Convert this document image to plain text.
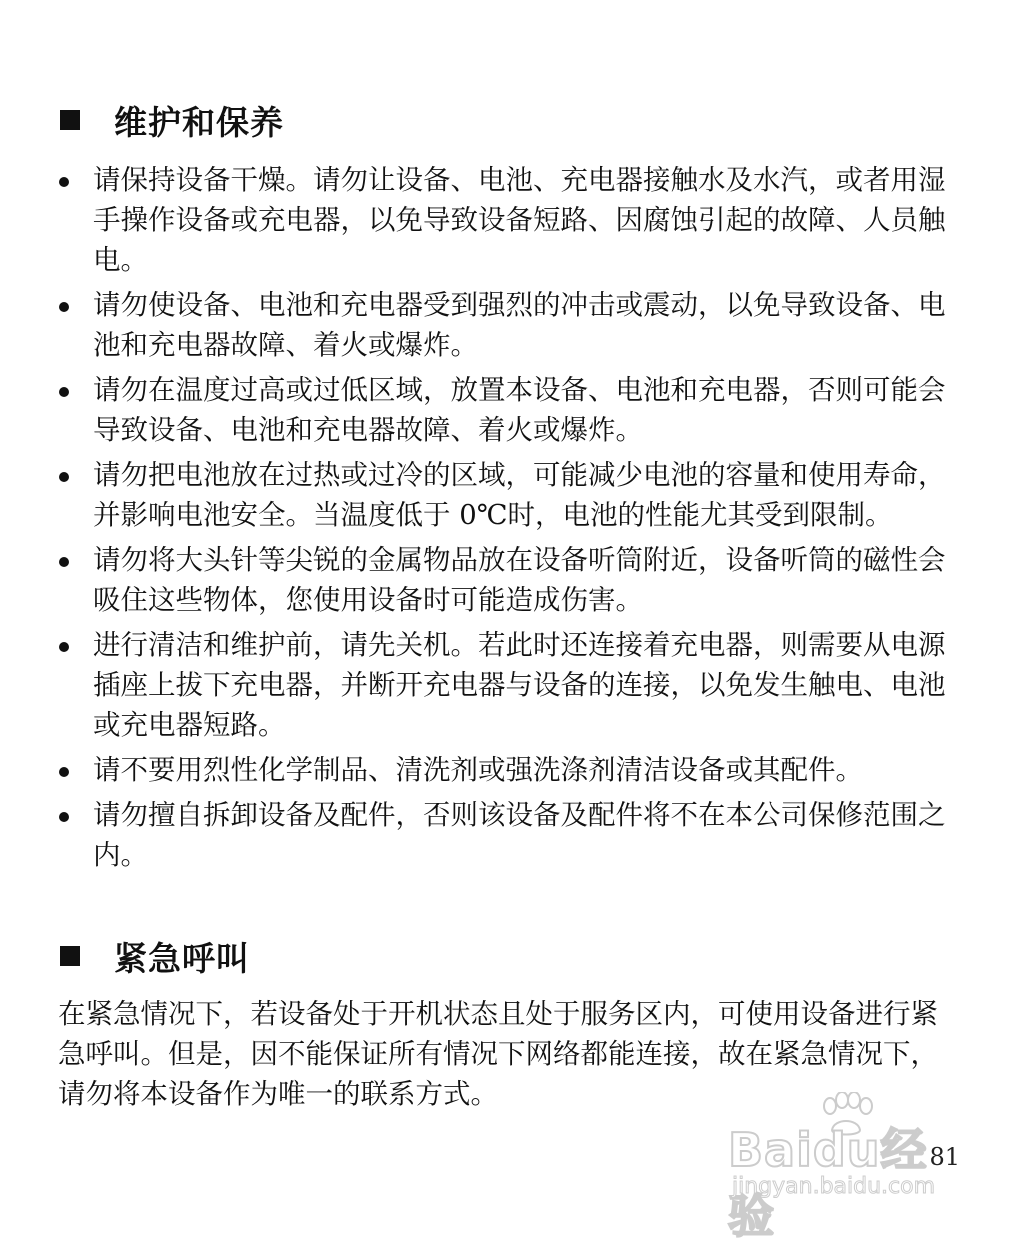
维护和保养
请保持设备干燥。请勿让设备、电池、充电器接触水及水汽，或者用湿手操作设备或充电器，以免导致设备短路、因腐蚀引起的故障、人员触电。
请勿使设备、电池和充电器受到强烈的冲击或震动，以免导致设备、电池和充电器故障、着火或爆炸。
请勿在温度过高或过低区域，放置本设备、电池和充电器，否则可能会导致设备、电池和充电器故障、着火或爆炸。
请勿把电池放在过热或过冷的区域，可能减少电池的容量和使用寿命，并影响电池安全。当温度低于 0℃时，电池的性能尤其受到限制。
请勿将大头针等尖锐的金属物品放在设备听筒附近，设备听筒的磁性会吸住这些物体，您使用设备时可能造成伤害。
进行清洁和维护前，请先关机。若此时还连接着充电器，则需要从电源插座上拔下充电器，并断开充电器与设备的连接，以免发生触电、电池或充电器短路。
请不要用烈性化学制品、清洗剂或强洗涤剂清洁设备或其配件。
请勿擅自拆卸设备及配件，否则该设备及配件将不在本公司保修范围之内。
紧急呼叫

在紧急情况下，若设备处于开机状态且处于服务区内，可使用设备进行紧急呼叫。但是，因不能保证所有情况下网络都能连接，故在紧急情况下，请勿将本设备作为唯一的联系方式。

Baidu经验
jingyan.baidu.com
81
